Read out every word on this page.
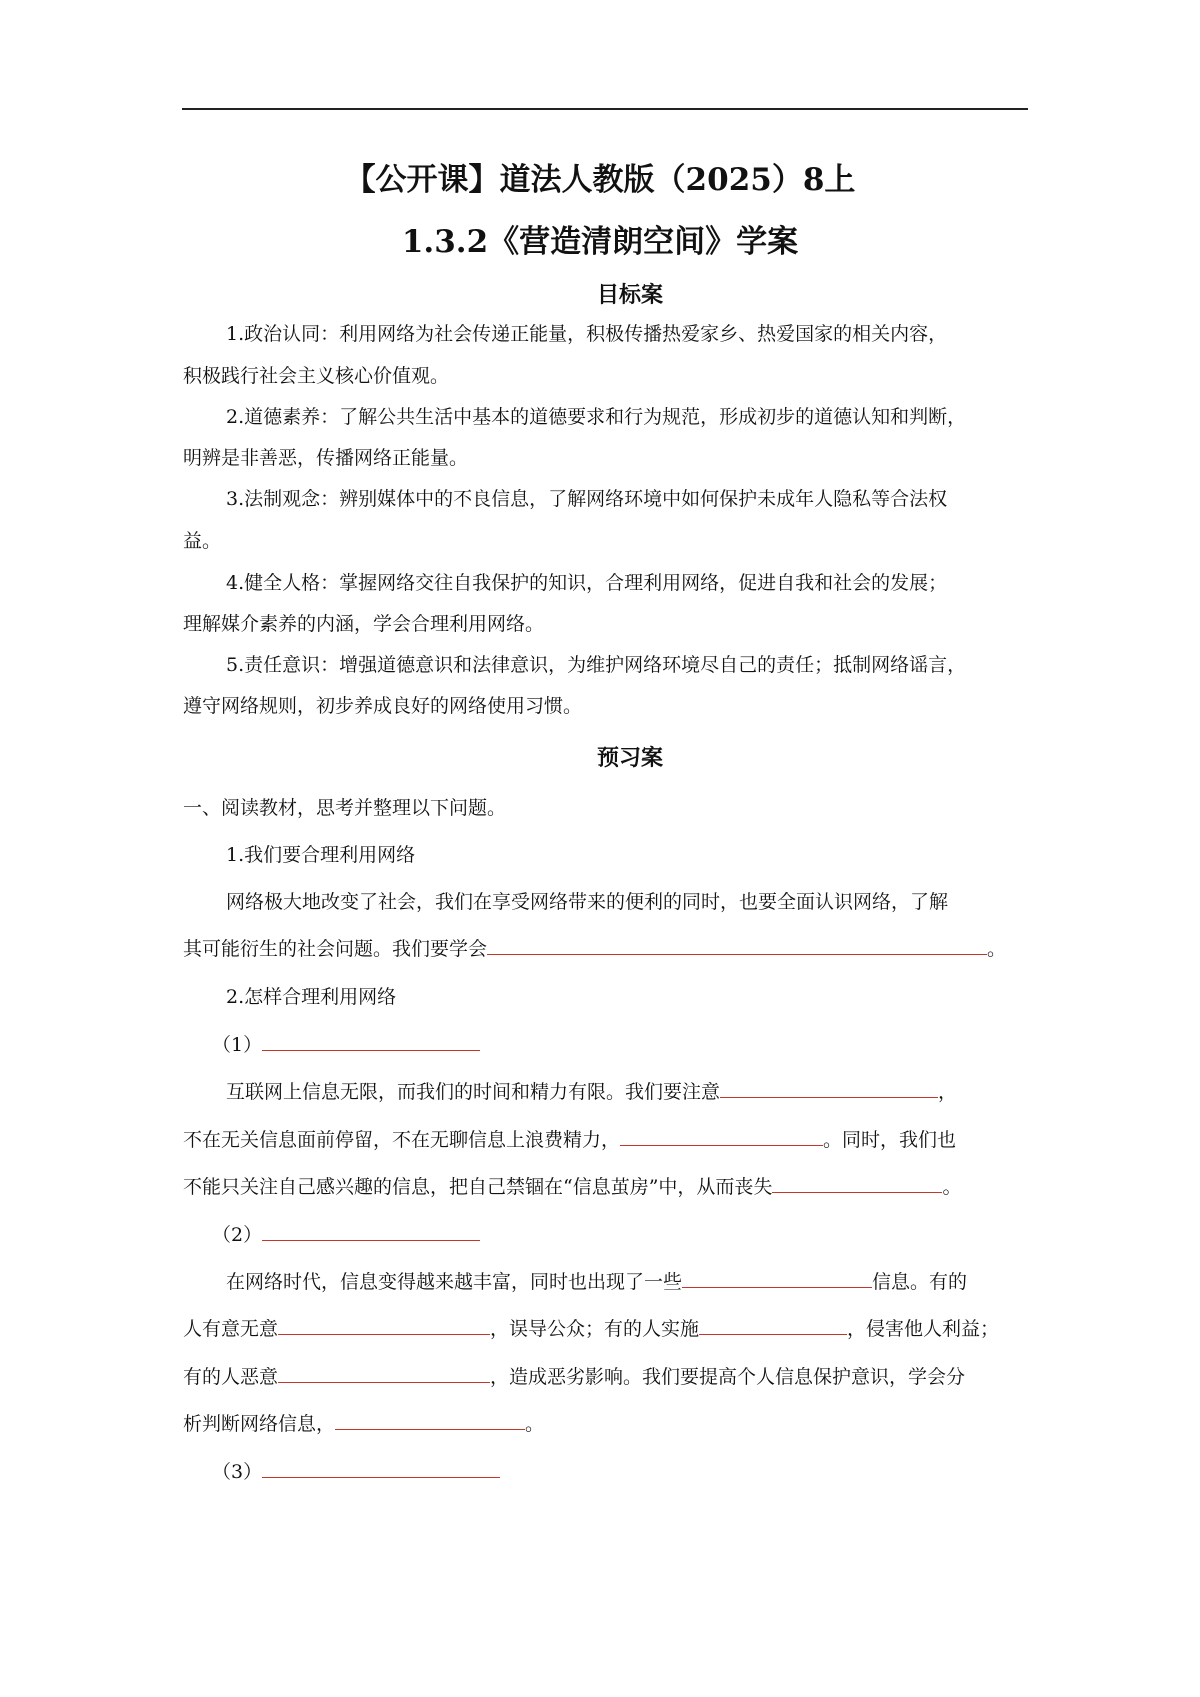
【公开课】道法人教版（2025）8上
1.3.2《营造清朗空间》学案
目标案
1.政治认同：利用网络为社会传递正能量，积极传播热爱家乡、热爱国家的相关内容，
积极践行社会主义核心价值观。
2.道德素养：了解公共生活中基本的道德要求和行为规范，形成初步的道德认知和判断，
明辨是非善恶，传播网络正能量。
3.法制观念：辨别媒体中的不良信息，了解网络环境中如何保护未成年人隐私等合法权
益。
4.健全人格：掌握网络交往自我保护的知识，合理利用网络，促进自我和社会的发展；
理解媒介素养的内涵，学会合理利用网络。
5.责任意识：增强道德意识和法律意识，为维护网络环境尽自己的责任；抵制网络谣言，
遵守网络规则，初步养成良好的网络使用习惯。
预习案
一、阅读教材，思考并整理以下问题。
1.我们要合理利用网络
网络极大地改变了社会，我们在享受网络带来的便利的同时，也要全面认识网络，了解
其可能衍生的社会问题。我们要学会	。
2.怎样合理利用网络
（1）
互联网上信息无限，而我们的时间和精力有限。我们要注意	，
不在无关信息面前停留，不在无聊信息上浪费精力，	。同时，我们也
不能只关注自己感兴趣的信息，把自己禁锢在“信息茧房”中，从而丧失	。
（2）
在网络时代，信息变得越来越丰富，同时也出现了一些	信息。有的
人有意无意	，误导公众；有的人实施	，侵害他人利益；
有的人恶意	，造成恶劣影响。我们要提高个人信息保护意识，学会分
析判断网络信息，	。
（3）
